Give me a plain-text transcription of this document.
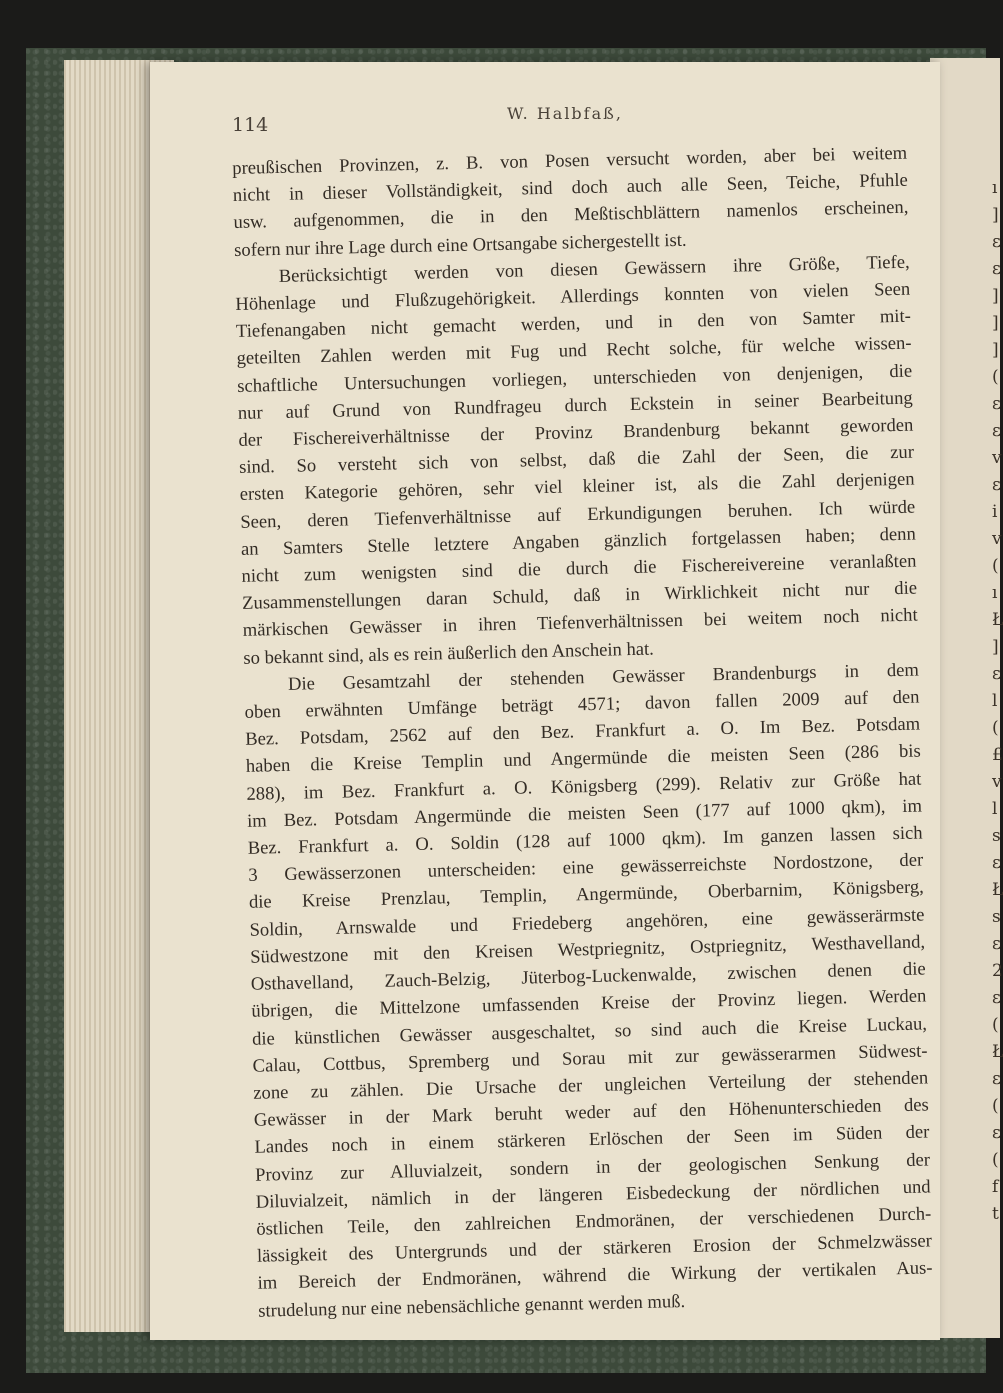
ı
]
ε
ε
]
]
]
(
ε
ε
v
ε
i
v
(
ı
Ł
]
ε
l
(
£
v
l
s
ε
Ł
s
ε
2
ε
(
Ł
ε
(
ε
(
f
t
114
W. Halbfaß,
preußischen Provinzen, z. B. von Posen versucht worden, aber bei weitem
nicht in dieser Vollständigkeit, sind doch auch alle Seen, Teiche, Pfuhle
usw. aufgenommen, die in den Meßtischblättern namenlos erscheinen,
sofern nur ihre Lage durch eine Ortsangabe sichergestellt ist.
Berücksichtigt werden von diesen Gewässern ihre Größe, Tiefe,
Höhenlage und Flußzugehörigkeit. Allerdings konnten von vielen Seen
Tiefenangaben nicht gemacht werden, und in den von Samter mit-
geteilten Zahlen werden mit Fug und Recht solche, für welche wissen-
schaftliche Untersuchungen vorliegen, unterschieden von denjenigen, die
nur auf Grund von Rundfrageu durch Eckstein in seiner Bearbeitung
der Fischereiverhältnisse der Provinz Brandenburg bekannt geworden
sind. So versteht sich von selbst, daß die Zahl der Seen, die zur
ersten Kategorie gehören, sehr viel kleiner ist, als die Zahl derjenigen
Seen, deren Tiefenverhältnisse auf Erkundigungen beruhen. Ich würde
an Samters Stelle letztere Angaben gänzlich fortgelassen haben; denn
nicht zum wenigsten sind die durch die Fischereivereine veranlaßten
Zusammenstellungen daran Schuld, daß in Wirklichkeit nicht nur die
märkischen Gewässer in ihren Tiefenverhältnissen bei weitem noch nicht
so bekannt sind, als es rein äußerlich den Anschein hat.
Die Gesamtzahl der stehenden Gewässer Brandenburgs in dem
oben erwähnten Umfänge beträgt 4571; davon fallen 2009 auf den
Bez. Potsdam, 2562 auf den Bez. Frankfurt a. O. Im Bez. Potsdam
haben die Kreise Templin und Angermünde die meisten Seen (286 bis
288), im Bez. Frankfurt a. O. Königsberg (299). Relativ zur Größe hat
im Bez. Potsdam Angermünde die meisten Seen (177 auf 1000 qkm), im
Bez. Frankfurt a. O. Soldin (128 auf 1000 qkm). Im ganzen lassen sich
3 Gewässerzonen unterscheiden: eine gewässerreichste Nordostzone, der
die Kreise Prenzlau, Templin, Angermünde, Oberbarnim, Königsberg,
Soldin, Arnswalde und Friedeberg angehören, eine gewässerärmste
Südwestzone mit den Kreisen Westpriegnitz, Ostpriegnitz, Westhavelland,
Osthavelland, Zauch-Belzig, Jüterbog-Luckenwalde, zwischen denen die
übrigen, die Mittelzone umfassenden Kreise der Provinz liegen. Werden
die künstlichen Gewässer ausgeschaltet, so sind auch die Kreise Luckau,
Calau, Cottbus, Spremberg und Sorau mit zur gewässerarmen Südwest-
zone zu zählen. Die Ursache der ungleichen Verteilung der stehenden
Gewässer in der Mark beruht weder auf den Höhenunterschieden des
Landes noch in einem stärkeren Erlöschen der Seen im Süden der
Provinz zur Alluvialzeit, sondern in der geologischen Senkung der
Diluvialzeit, nämlich in der längeren Eisbedeckung der nördlichen und
östlichen Teile, den zahlreichen Endmoränen, der verschiedenen Durch-
lässigkeit des Untergrunds und der stärkeren Erosion der Schmelzwässer
im Bereich der Endmoränen, während die Wirkung der vertikalen Aus-
strudelung nur eine nebensächliche genannt werden muß.
